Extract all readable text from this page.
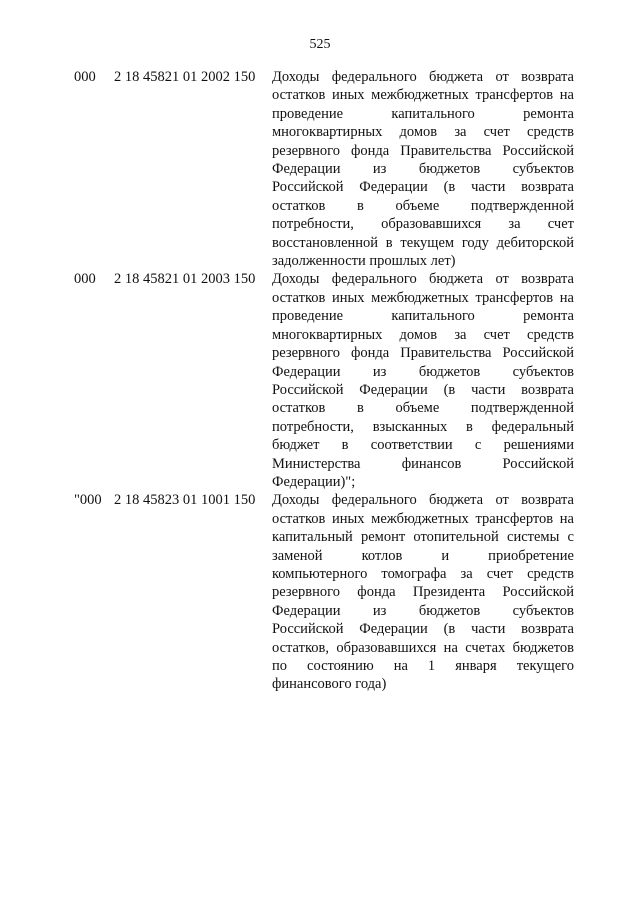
525
000	2 18 45821 01 2002 150	Доходы федерального бюджета от возврата
остатков иных межбюджетных трансфертов на
проведение капитального ремонта
многоквартирных домов за счет средств
резервного фонда Правительства Российской
Федерации из бюджетов субъектов
Российской Федерации (в части возврата
остатков в объеме подтвержденной
потребности, образовавшихся за счет
восстановленной в текущем году дебиторской
задолженности прошлых лет)
000	2 18 45821 01 2003 150	Доходы федерального бюджета от возврата
остатков иных межбюджетных трансфертов на
проведение капитального ремонта
многоквартирных домов за счет средств
резервного фонда Правительства Российской
Федерации из бюджетов субъектов
Российской Федерации (в части возврата
остатков в объеме подтвержденной
потребности, взысканных в федеральный
бюджет в соответствии с решениями
Министерства финансов Российской
Федерации)";
"000 2 18 45823 01 1001 150	Доходы федерального бюджета от возврата
остатков иных межбюджетных трансфертов на
капитальный ремонт отопительной системы с
заменой котлов и приобретение
компьютерного томографа за счет средств
резервного фонда Президента Российской
Федерации из бюджетов субъектов
Российской Федерации (в части возврата
остатков, образовавшихся на счетах бюджетов
по состоянию на 1 января текущего
финансового года)
